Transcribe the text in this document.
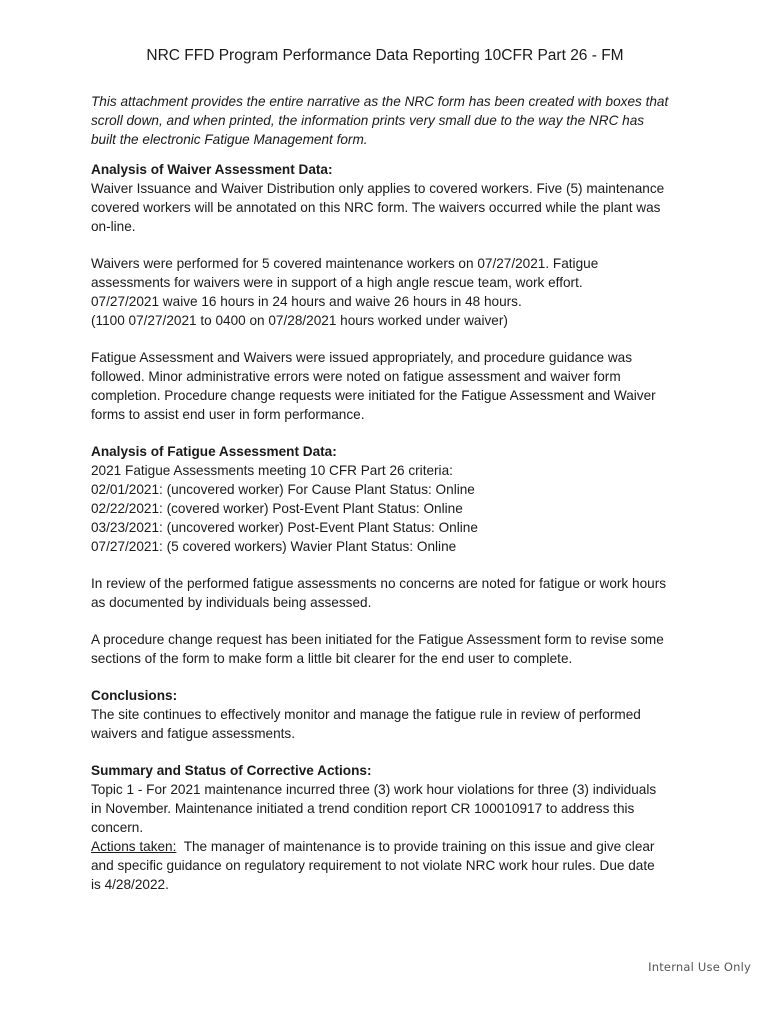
NRC FFD Program Performance Data Reporting 10CFR Part 26 - FM

This attachment provides the entire narrative as the NRC form has been created with boxes that
scroll down, and when printed, the information prints very small due to the way the NRC has
built the electronic Fatigue Management form.

Analysis of Waiver Assessment Data:

Waiver Issuance and Waiver Distribution only applies to covered workers. Five (5) maintenance
covered workers will be annotated on this NRC form. The waivers occurred while the plant was
on-line.

Waivers were performed for 5 covered maintenance workers on 07/27/2021. Fatigue
assessments for waivers were in support of a high angle rescue team, work effort.
07/27/2021 waive 16 hours in 24 hours and waive 26 hours in 48 hours.
(1100 07/27/2021 to 0400 on 07/28/2021 hours worked under waiver)

Fatigue Assessment and Waivers were issued appropriately, and procedure guidance was
followed. Minor administrative errors were noted on fatigue assessment and waiver form
completion. Procedure change requests were initiated for the Fatigue Assessment and Waiver
forms to assist end user in form performance.

Analysis of Fatigue Assessment Data:

2021 Fatigue Assessments meeting 10 CFR Part 26 criteria:
02/01/2021: (uncovered worker) For Cause Plant Status: Online
02/22/2021: (covered worker) Post-Event Plant Status: Online
03/23/2021: (uncovered worker) Post-Event Plant Status: Online
07/27/2021: (5 covered workers) Wavier Plant Status: Online

In review of the performed fatigue assessments no concerns are noted for fatigue or work hours
as documented by individuals being assessed.

A procedure change request has been initiated for the Fatigue Assessment form to revise some
sections of the form to make form a little bit clearer for the end user to complete.

Conclusions:

The site continues to effectively monitor and manage the fatigue rule in review of performed
waivers and fatigue assessments.

Summary and Status of Corrective Actions:

Topic 1 - For 2021 maintenance incurred three (3) work hour violations for three (3) individuals
in November. Maintenance initiated a trend condition report CR 100010917 to address this
concern.
Actions taken:  The manager of maintenance is to provide training on this issue and give clear
and specific guidance on regulatory requirement to not violate NRC work hour rules. Due date
is 4/28/2022.

Internal Use Only
